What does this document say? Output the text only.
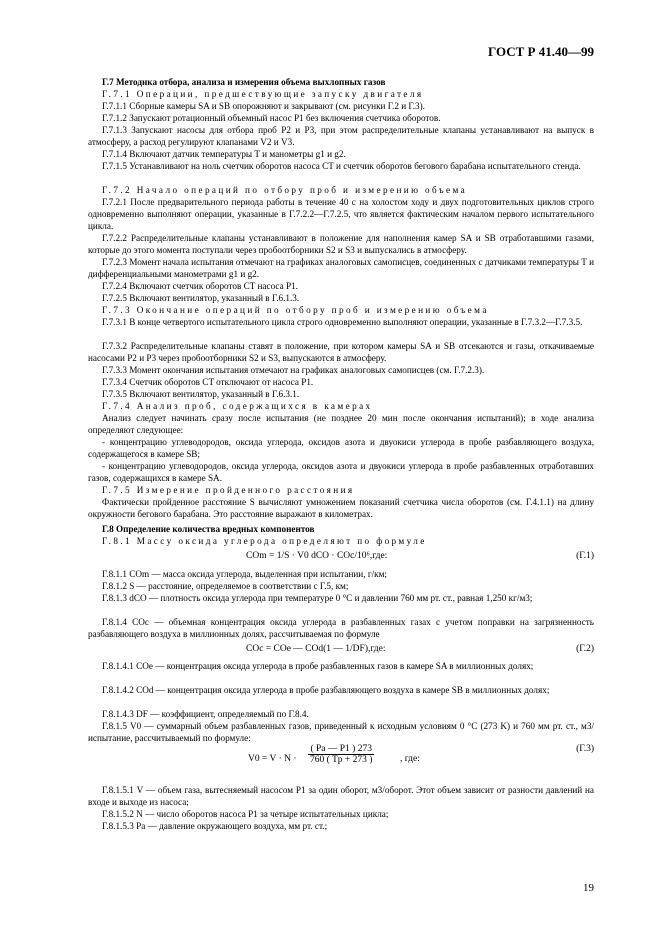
ГОСТ Р 41.40—99
Г.7 Методика отбора, анализа и измерения объема выхлопных газов
Г.7.1 Операции, предшествующие запуску двигателя
Г.7.1.1 Сборные камеры SA и SB опорожняют и закрывают (см. рисунки Г.2 и Г.3).
Г.7.1.2 Запускают ротационный объемный насос P1 без включения счетчика оборотов.
Г.7.1.3 Запускают насосы для отбора проб P2 и P3, при этом распределительные клапаны устанавливают на выпуск в атмосферу, а расход регулируют клапанами V2 и V3.
Г.7.1.4 Включают датчик температуры T и манометры g1 и g2.
Г.7.1.5 Устанавливают на ноль счетчик оборотов насоса CT и счетчик оборотов бегового барабана испытательного стенда.
Г.7.2 Начало операций по отбору проб и измерению объема
Г.7.2.1 После предварительного периода работы в течение 40 с на холостом ходу и двух подготовительных циклов строго одновременно выполняют операции, указанные в Г.7.2.2—Г.7.2.5, что является фактическим началом первого испытательного цикла.
Г.7.2.2 Распределительные клапаны устанавливают в положение для наполнения камер SA и SB отработавшими газами, которые до этого момента поступали через пробоотборники S2 и S3 и выпускались в атмосферу.
Г.7.2.3 Момент начала испытания отмечают на графиках аналоговых самописцев, соединенных с датчиками температуры T и дифференциальными манометрами g1 и g2.
Г.7.2.4 Включают счетчик оборотов CT насоса P1.
Г.7.2.5 Включают вентилятор, указанный в Г.6.1.3.
Г.7.3 Окончание операций по отбору проб и измерению объема
Г.7.3.1 В конце четвертого испытательного цикла строго одновременно выполняют операции, указанные в Г.7.3.2—Г.7.3.5.
Г.7.3.2 Распределительные клапаны ставят в положение, при котором камеры SA и SB отсекаются и газы, откачиваемые насосами P2 и P3 через пробоотборники S2 и S3, выпускаются в атмосферу.
Г.7.3.3 Момент окончания испытания отмечают на графиках аналоговых самописцев (см. Г.7.2.3).
Г.7.3.4 Счетчик оборотов CT отключают от насоса P1.
Г.7.3.5 Включают вентилятор, указанный в Г.6.3.1.
Г.7.4 Анализ проб, содержащихся в камерах
Анализ следует начинать сразу после испытания (не позднее 20 мин после окончания испытаний); в ходе анализа определяют следующее:
- концентрацию углеводородов, оксида углерода, оксидов азота и двуокиси углерода в пробе разбавляющего воздуха, содержащегося в камере SB;
- концентрацию углеводородов, оксида углерода, оксидов азота и двуокиси углерода в пробе разбавленных отработавших газов, содержащихся в камере SA.
Г.7.5 Измерение пройденного расстояния
Фактически пройденное расстояние S вычисляют умножением показаний счетчика числа оборотов (см. Г.4.1.1) на длину окружности бегового барабана. Это расстояние выражают в километрах.
Г.8 Определение количества вредных компонентов
Г.8.1 Массу оксида углерода определяют по формуле
COm = 1/S · V0 dCO · COc/10⁶,где:	(Г.1)
Г.8.1.1 COm — масса оксида углерода, выделенная при испытании, г/км;
Г.8.1.2 S — расстояние, определяемое в соответствии с Г.5, км;
Г.8.1.3 dCO — плотность оксида углерода при температуре 0 °C и давлении 760 мм рт. ст., равная 1,250 кг/м3;
Г.8.1.4 COc — объемная концентрация оксида углерода в разбавленных газах с учетом поправки на загрязненность разбавляющего воздуха в миллионных долях, рассчитываемая по формуле
COc = COe — COd(1 — 1/DF),где:	(Г.2)
Г.8.1.4.1 COe — концентрация оксида углерода в пробе разбавленных газов в камере SA в миллионных долях;
Г.8.1.4.2 COd — концентрация оксида углерода в пробе разбавляющего воздуха в камере SB в миллионных долях;
Г.8.1.4.3 DF — коэффициент, определяемый по Г.8.4.
Г.8.1.5 V0 — суммарный объем разбавленных газов, приведенный к исходным условиям 0 °C (273 K) и 760 мм рт. ст., м3/испытание, рассчитываемый по формуле:
$V0 = V \cdot N \cdot \frac{( Pa — P1 ) 273}{760 ( Tp + 273 )}$	, где:
(Г.3)
Г.8.1.5.1 V — объем газа, вытесняемый насосом P1 за один оборот, м3/оборот. Этот объем зависит от разности давлений на входе и выходе из насоса;
Г.8.1.5.2 N — число оборотов насоса P1 за четыре испытательных цикла;
Г.8.1.5.3 Pa — давление окружающего воздуха, мм рт. ст.;
19
